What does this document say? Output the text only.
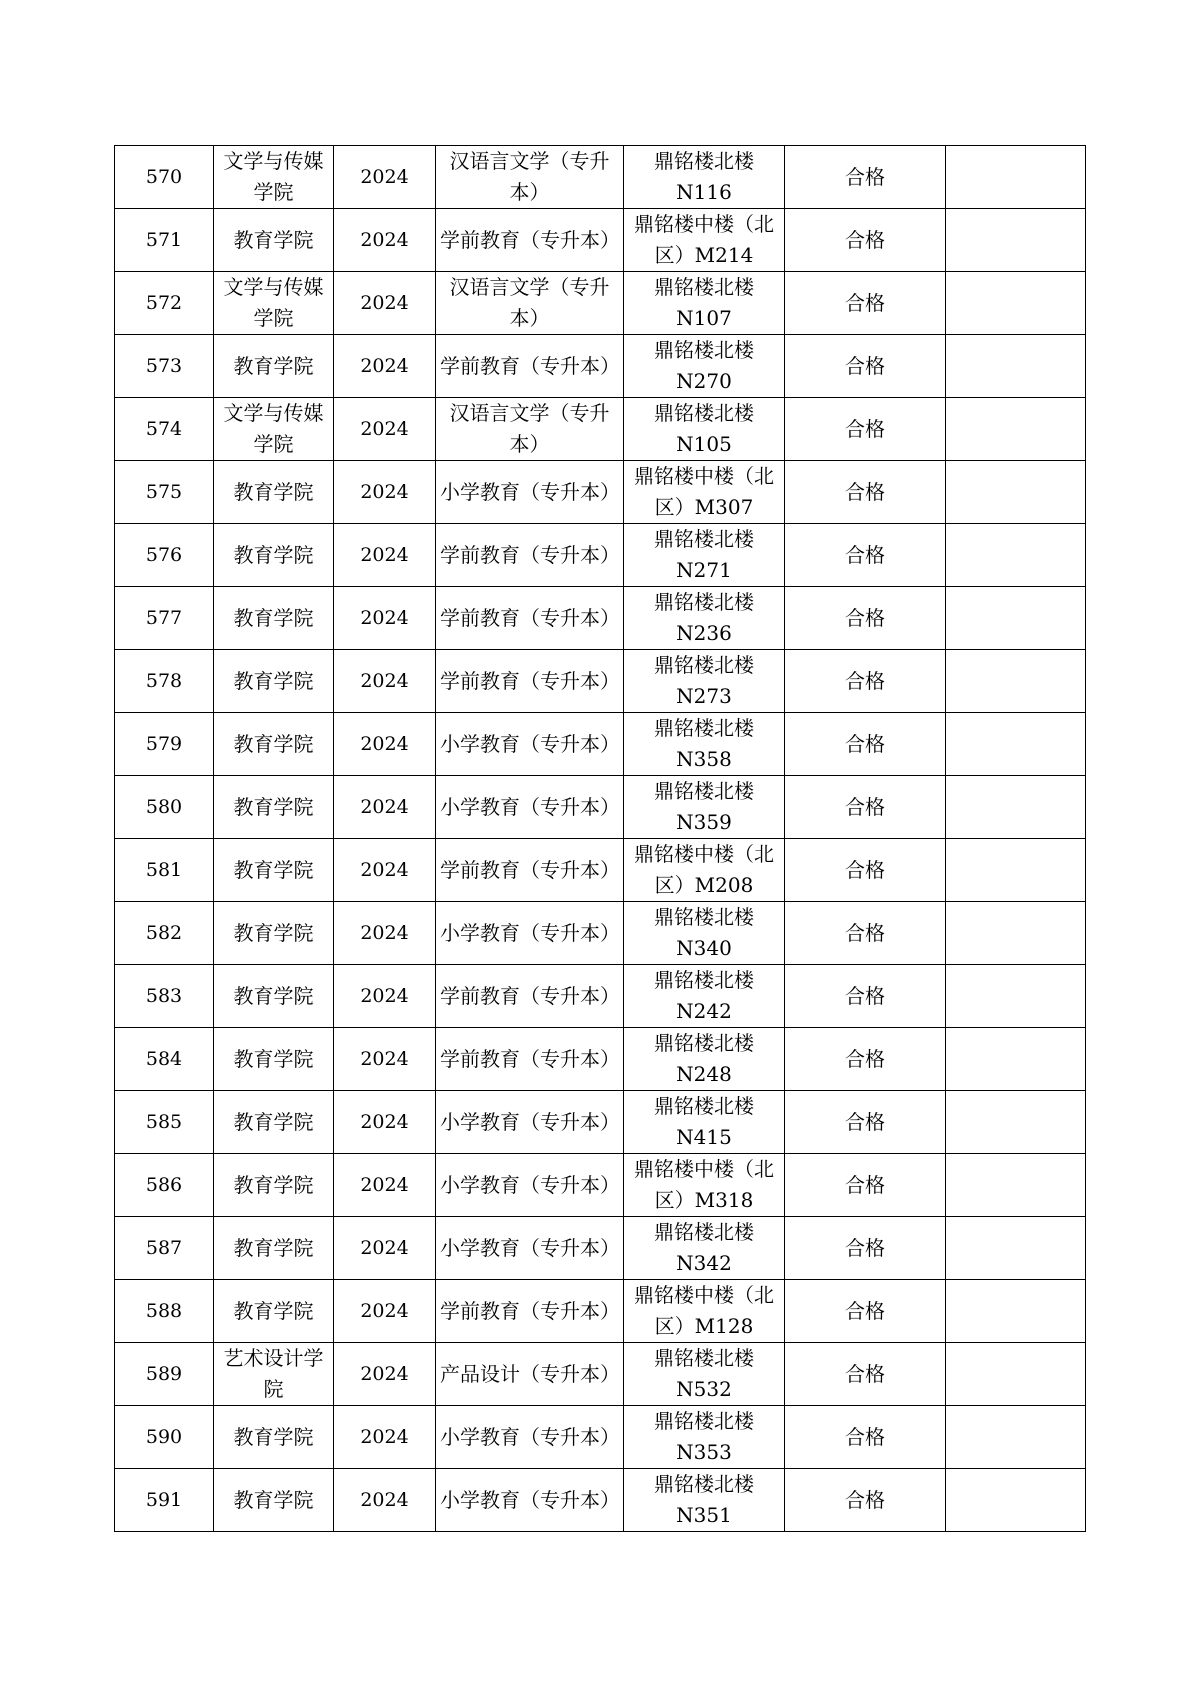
570	文学与传媒学院	2024	汉语言文学（专升本）	鼎铭楼北楼N116	合格	
571	教育学院	2024	学前教育（专升本）	鼎铭楼中楼（北区）M214	合格	
572	文学与传媒学院	2024	汉语言文学（专升本）	鼎铭楼北楼N107	合格	
573	教育学院	2024	学前教育（专升本）	鼎铭楼北楼N270	合格	
574	文学与传媒学院	2024	汉语言文学（专升本）	鼎铭楼北楼N105	合格	
575	教育学院	2024	小学教育（专升本）	鼎铭楼中楼（北区）M307	合格	
576	教育学院	2024	学前教育（专升本）	鼎铭楼北楼N271	合格	
577	教育学院	2024	学前教育（专升本）	鼎铭楼北楼N236	合格	
578	教育学院	2024	学前教育（专升本）	鼎铭楼北楼N273	合格	
579	教育学院	2024	小学教育（专升本）	鼎铭楼北楼N358	合格	
580	教育学院	2024	小学教育（专升本）	鼎铭楼北楼N359	合格	
581	教育学院	2024	学前教育（专升本）	鼎铭楼中楼（北区）M208	合格	
582	教育学院	2024	小学教育（专升本）	鼎铭楼北楼N340	合格	
583	教育学院	2024	学前教育（专升本）	鼎铭楼北楼N242	合格	
584	教育学院	2024	学前教育（专升本）	鼎铭楼北楼N248	合格	
585	教育学院	2024	小学教育（专升本）	鼎铭楼北楼N415	合格	
586	教育学院	2024	小学教育（专升本）	鼎铭楼中楼（北区）M318	合格	
587	教育学院	2024	小学教育（专升本）	鼎铭楼北楼N342	合格	
588	教育学院	2024	学前教育（专升本）	鼎铭楼中楼（北区）M128	合格	
589	艺术设计学院	2024	产品设计（专升本）	鼎铭楼北楼N532	合格	
590	教育学院	2024	小学教育（专升本）	鼎铭楼北楼N353	合格	
591	教育学院	2024	小学教育（专升本）	鼎铭楼北楼N351	合格	
